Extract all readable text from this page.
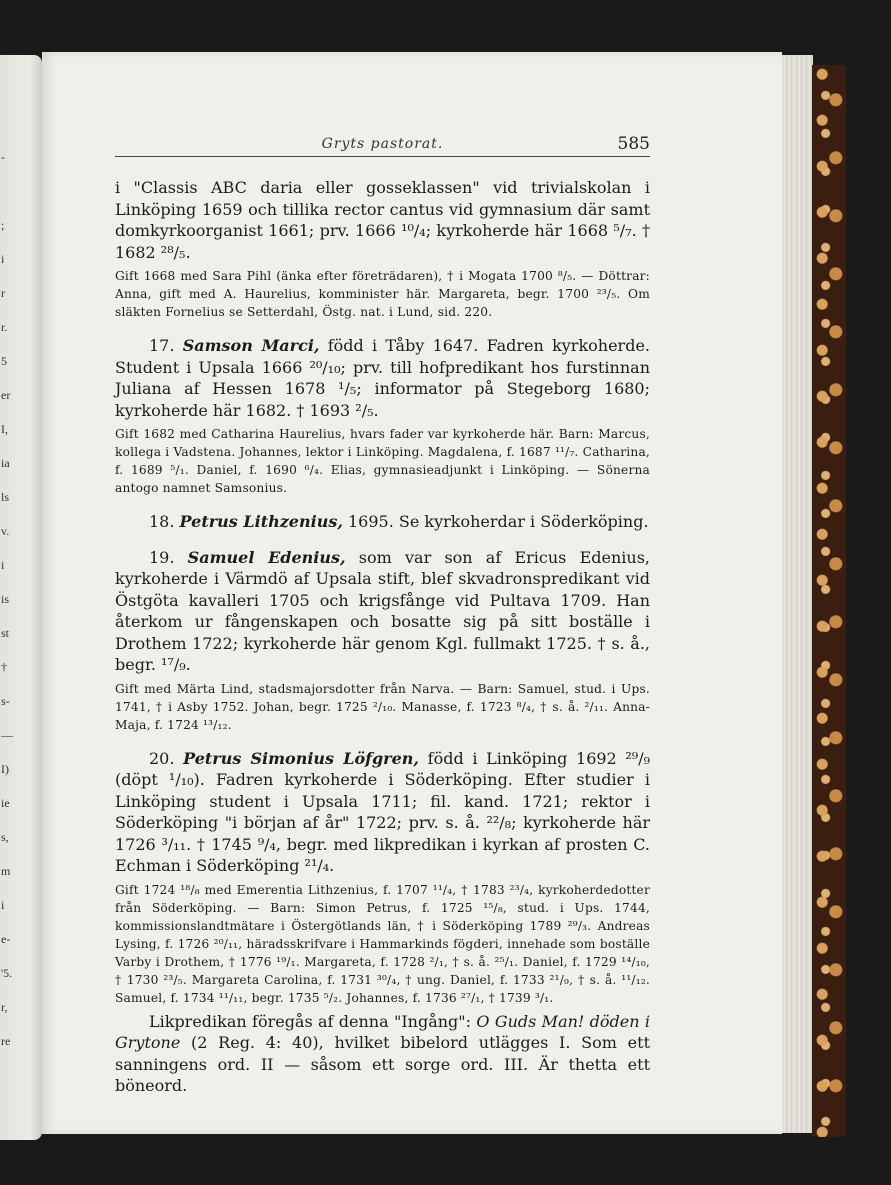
-
;
i
r
r.
5
er
I,
ia
ls
v.
i
is
st
†
s-
—
I)
ie
s,
m
i
e-
'5.
r,
re
Gryts pastorat.	585

i "Classis ABC daria eller gosseklassen" vid trivialskolan i Linköping 1659 och tillika rector cantus vid gymnasium där samt domkyrkoorganist 1661; prv. 1666 ¹⁰/₄; kyrkoherde här 1668 ⁵/₇. † 1682 ²⁸/₅.

Gift 1668 med Sara Pihl (änka efter företrädaren), † i Mogata 1700 ⁸/₅. — Döttrar: Anna, gift med A. Haurelius, komminister här. Margareta, begr. 1700 ²³/₅. Om släkten Fornelius se Setterdahl, Östg. nat. i Lund, sid. 220.

17. Samson Marci, född i Tåby 1647. Fadren kyrkoherde. Student i Upsala 1666 ²⁰/₁₀; prv. till hofpredikant hos furstinnan Juliana af Hessen 1678 ¹/₅; informator på Stegeborg 1680; kyrkoherde här 1682. † 1693 ²/₅.

Gift 1682 med Catharina Haurelius, hvars fader var kyrkoherde här. Barn: Marcus, kollega i Vadstena. Johannes, lektor i Linköping. Magdalena, f. 1687 ¹¹/₇. Catharina, f. 1689 ⁵/₁. Daniel, f. 1690 ⁶/₄. Elias, gymnasieadjunkt i Linköping. — Sönerna antogo namnet Samsonius.

18. Petrus Lithzenius, 1695. Se kyrkoherdar i Söderköping.

19. Samuel Edenius, som var son af Ericus Edenius, kyrkoherde i Värmdö af Upsala stift, blef skvadronspredikant vid Östgöta kavalleri 1705 och krigsfånge vid Pultava 1709. Han återkom ur fångenskapen och bosatte sig på sitt boställe i Drothem 1722; kyrkoherde här genom Kgl. fullmakt 1725. † s. å., begr. ¹⁷/₉.

Gift med Märta Lind, stadsmajorsdotter från Narva. — Barn: Samuel, stud. i Ups. 1741, † i Asby 1752. Johan, begr. 1725 ²/₁₀. Manasse, f. 1723 ⁸/₄, † s. å. ²/₁₁. Anna-Maja, f. 1724 ¹³/₁₂.

20. Petrus Simonius Löfgren, född i Linköping 1692 ²⁹/₉ (döpt ¹/₁₀). Fadren kyrkoherde i Söderköping. Efter studier i Linköping student i Upsala 1711; fil. kand. 1721; rektor i Söderköping "i början af år" 1722; prv. s. å. ²²/₈; kyrkoherde här 1726 ³/₁₁. † 1745 ⁹/₄, begr. med likpredikan i kyrkan af prosten C. Echman i Söderköping ²¹/₄.

Gift 1724 ¹⁸/₈ med Emerentia Lithzenius, f. 1707 ¹¹/₄, † 1783 ²³/₄, kyrkoherdedotter från Söderköping. — Barn: Simon Petrus, f. 1725 ¹⁵/₈, stud. i Ups. 1744, kommissionslandtmätare i Östergötlands län, † i Söderköping 1789 ²⁹/₃. Andreas Lysing, f. 1726 ²⁰/₁₁, häradsskrifvare i Hammarkinds fögderi, innehade som boställe Varby i Drothem, † 1776 ¹⁹/₁. Margareta, f. 1728 ²/₁, † s. å. ²⁵/₁. Daniel, f. 1729 ¹⁴/₁₀, † 1730 ²³/₅. Margareta Carolina, f. 1731 ³⁰/₄, † ung. Daniel, f. 1733 ²¹/₉, † s. å. ¹¹/₁₂. Samuel, f. 1734 ¹¹/₁₁, begr. 1735 ⁵/₂. Johannes, f. 1736 ²⁷/₁, † 1739 ³/₁.

Likpredikan föregås af denna "Ingång": O Guds Man! döden i Grytone (2 Reg. 4: 40), hvilket bibelord utlägges I. Som ett sanningens ord. II — såsom ett sorge ord. III. Är thetta ett böneord.
